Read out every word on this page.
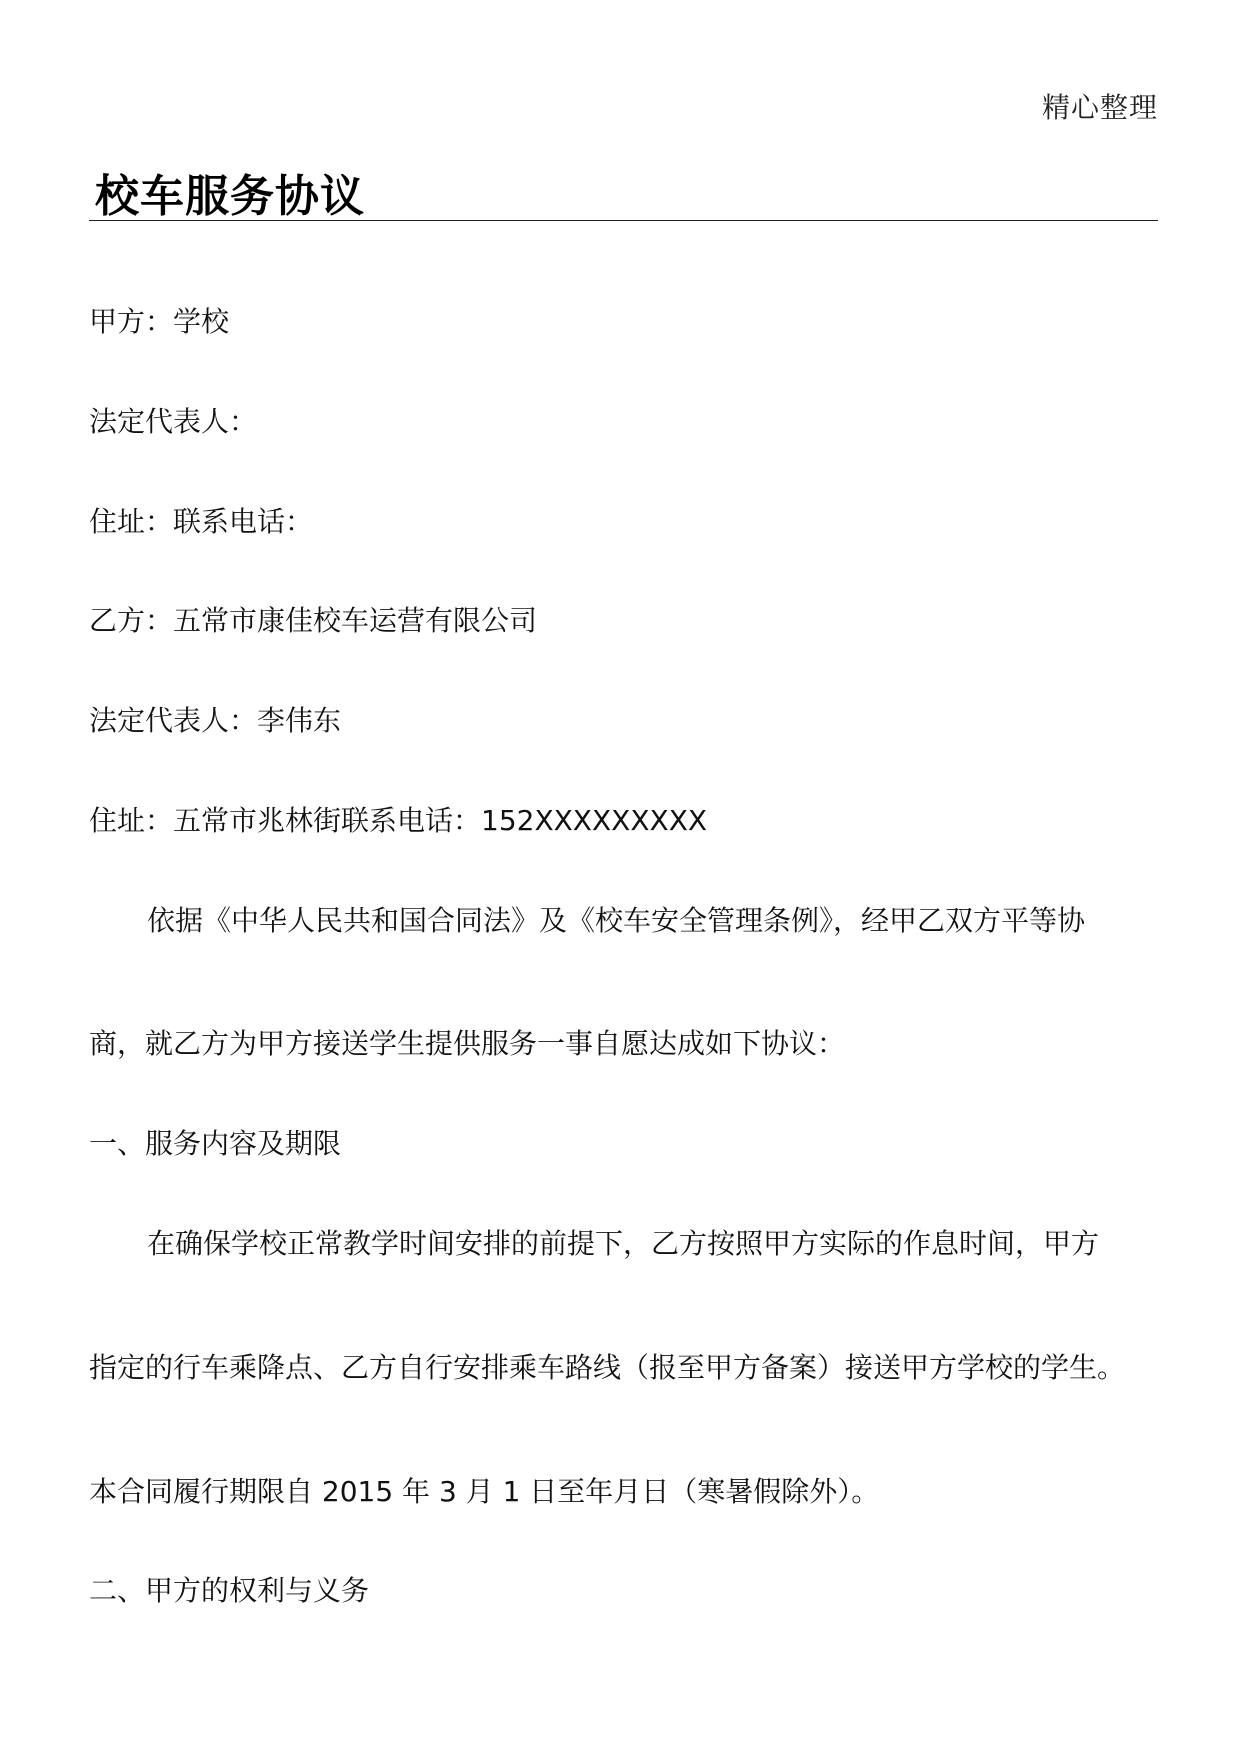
精心整理
校车服务协议
甲方：学校
法定代表人：
住址：联系电话：
乙方：五常市康佳校车运营有限公司
法定代表人：李伟东
住址：五常市兆林街联系电话：152XXXXXXXXX
依据《中华人民共和国合同法》及《校车安全管理条例》，经甲乙双方平等协
商，就乙方为甲方接送学生提供服务一事自愿达成如下协议：
一、服务内容及期限
在确保学校正常教学时间安排的前提下，乙方按照甲方实际的作息时间，甲方
指定的行车乘降点、乙方自行安排乘车路线（报至甲方备案）接送甲方学校的学生。
本合同履行期限自 2015 年 3 月 1 日至年月日（寒暑假除外）。
二、甲方的权利与义务
